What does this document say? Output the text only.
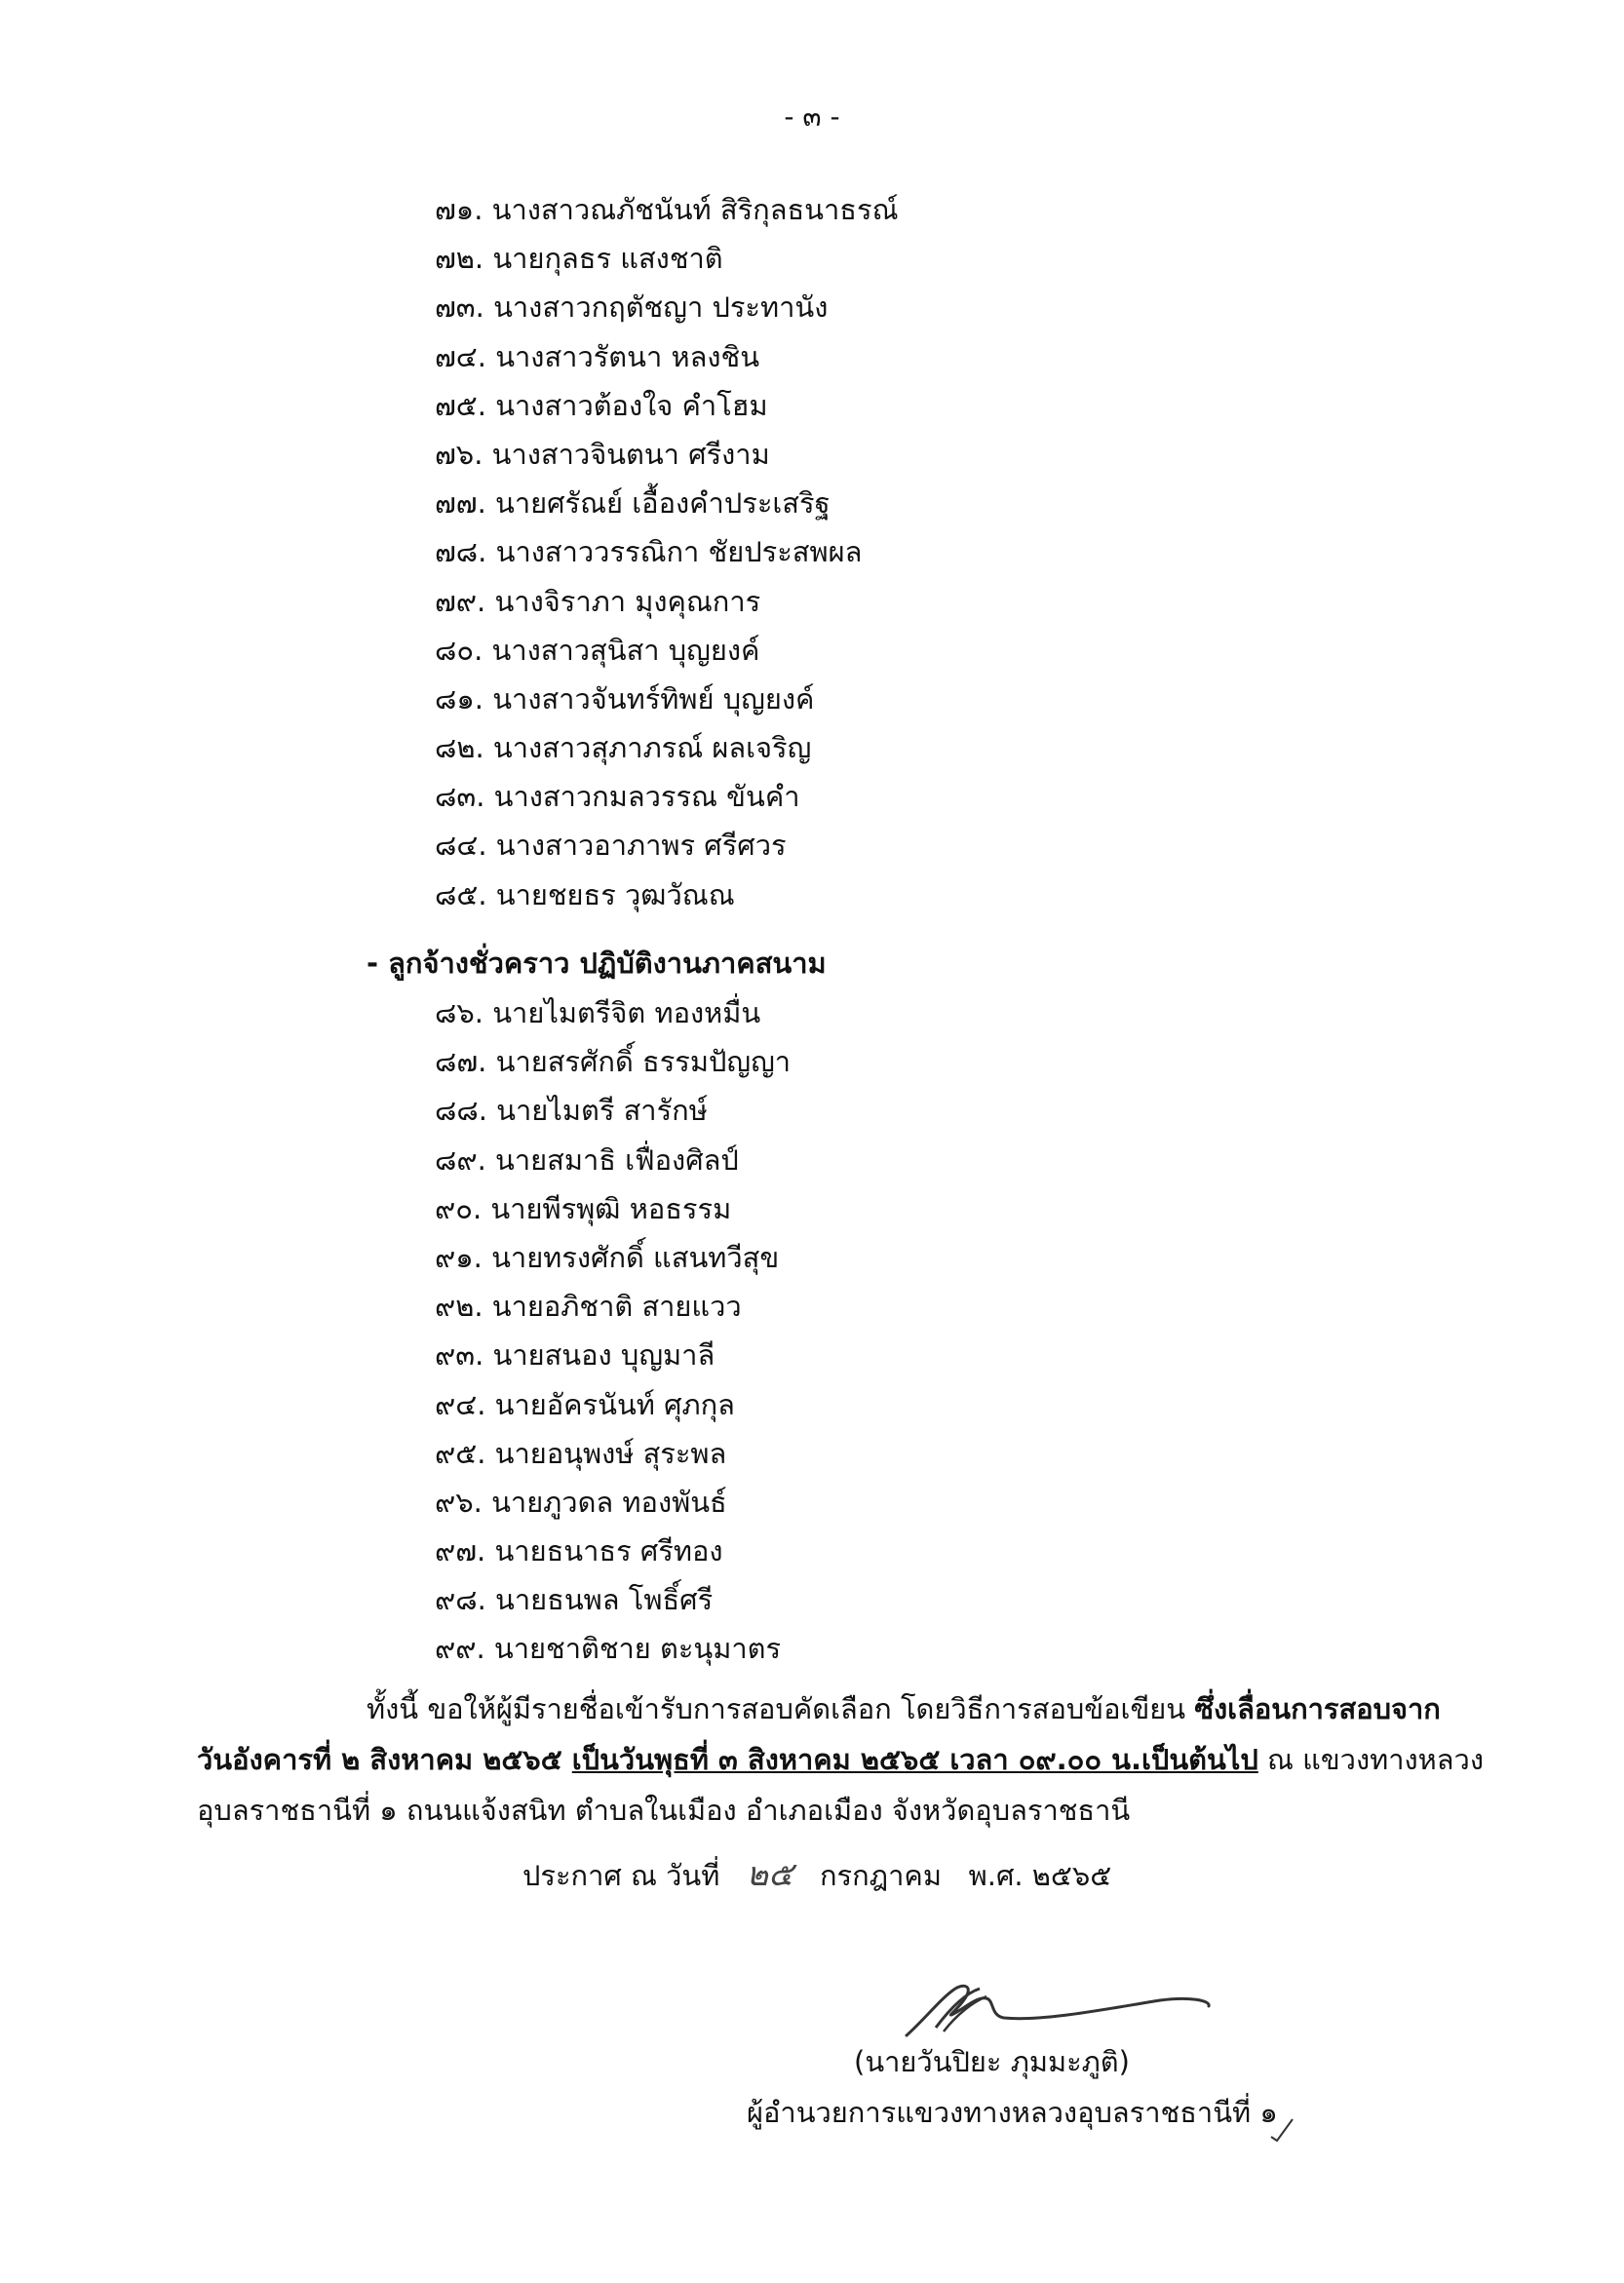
- ๓ -
๗๑. นางสาวณภัชนันท์ สิริกุลธนาธรณ์
๗๒. นายกุลธร แสงชาติ
๗๓. นางสาวกฤตัชญา ประทานัง
๗๔. นางสาวรัตนา หลงชิน
๗๕. นางสาวต้องใจ คำโฮม
๗๖. นางสาวจินตนา ศรีงาม
๗๗. นายศรัณย์ เอื้องคำประเสริฐ
๗๘. นางสาววรรณิกา ชัยประสพผล
๗๙. นางจิราภา มุงคุณการ
๘๐. นางสาวสุนิสา บุญยงค์
๘๑. นางสาวจันทร์ทิพย์ บุญยงค์
๘๒. นางสาวสุภาภรณ์ ผลเจริญ
๘๓. นางสาวกมลวรรณ ขันคำ
๘๔. นางสาวอาภาพร ศรีศวร
๘๕. นายชยธร วุฒวัณณ
- ลูกจ้างชั่วคราว ปฏิบัติงานภาคสนาม
๘๖. นายไมตรีจิต ทองหมื่น
๘๗. นายสรศักดิ์ ธรรมปัญญา
๘๘. นายไมตรี สารักษ์
๘๙. นายสมาธิ เฟื่องศิลป์
๙๐. นายพีรพุฒิ หอธรรม
๙๑. นายทรงศักดิ์ แสนทวีสุข
๙๒. นายอภิชาติ สายแวว
๙๓. นายสนอง บุญมาลี
๙๔. นายอัครนันท์ ศุภกุล
๙๕. นายอนุพงษ์ สุระพล
๙๖. นายภูวดล ทองพันธ์
๙๗. นายธนาธร ศรีทอง
๙๘. นายธนพล โพธิ์ศรี
๙๙. นายชาติชาย ตะนุมาตร
ทั้งนี้ ขอให้ผู้มีรายชื่อเข้ารับการสอบคัดเลือก โดยวิธีการสอบข้อเขียน ซึ่งเลื่อนการสอบจาก
วันอังคารที่ ๒ สิงหาคม ๒๕๖๕ เป็นวันพุธที่ ๓ สิงหาคม ๒๕๖๕ เวลา ๐๙.๐๐ น.เป็นต้นไป ณ แขวงทางหลวง
อุบลราชธานีที่ ๑ ถนนแจ้งสนิท ตำบลในเมือง อำเภอเมือง จังหวัดอุบลราชธานี
ประกาศ ณ วันที่ ๒๕ กรกฎาคม พ.ศ. ๒๕๖๕
(นายวันปิยะ ภุมมะภูติ)
ผู้อำนวยการแขวงทางหลวงอุบลราชธานีที่ ๑
